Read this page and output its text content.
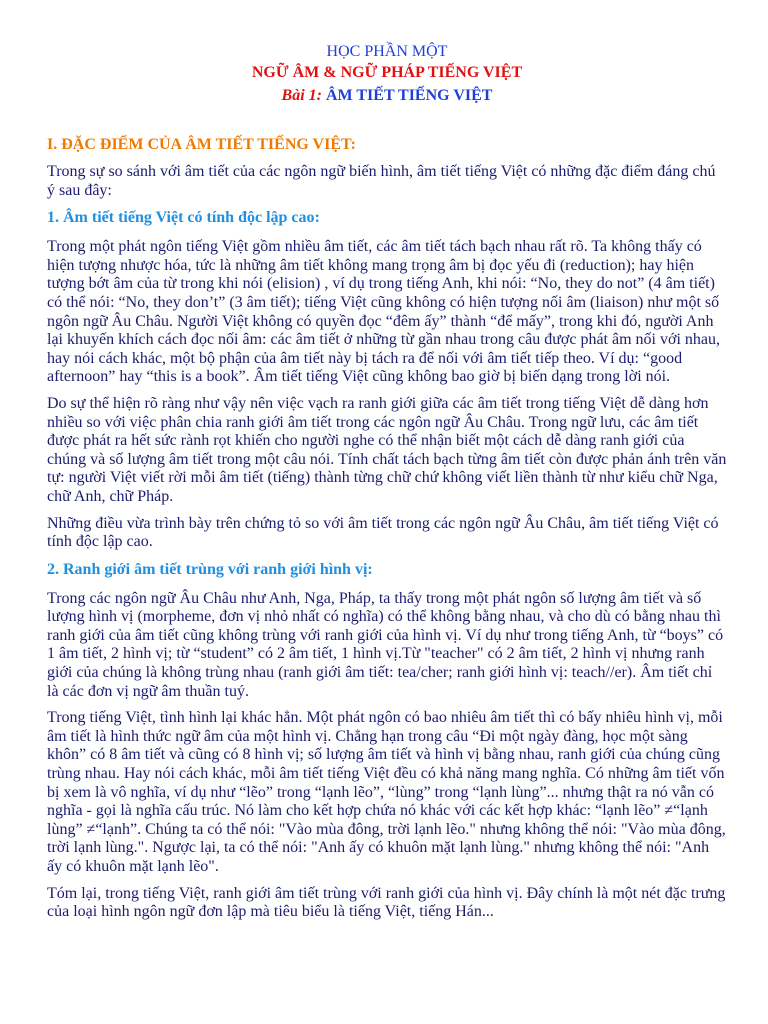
HỌC PHẦN MỘT

NGỮ ÂM & NGỮ PHÁP TIẾNG VIỆT

Bài 1: ÂM TIẾT TIẾNG VIỆT

I. ĐẶC ĐIỂM CỦA ÂM TIẾT TIẾNG VIỆT:

Trong sự so sánh với âm tiết của các ngôn ngữ biến hình, âm tiết tiếng Việt có những đặc điểm đáng chú ý sau đây:

1. Âm tiết tiếng Việt có tính độc lập cao:

Trong một phát ngôn tiếng Việt gồm nhiều âm tiết, các âm tiết tách bạch nhau rất rõ. Ta không thấy có hiện tượng nhược hóa, tức là những âm tiết không mang trọng âm bị đọc yếu đi (reduction); hay hiện tượng bớt âm của từ trong khi nói (elision) , ví dụ trong tiếng Anh, khi nói: “No, they do not” (4 âm tiết) có thể nói: “No, they don’t” (3 âm tiết); tiếng Việt cũng không có hiện tượng nối âm (liaison) như một số ngôn ngữ Âu Châu. Người Việt không có quyền đọc “đêm ấy” thành “để mấy”, trong khi đó, người Anh lại khuyến khích cách đọc nối âm: các âm tiết ở những từ gần nhau trong câu được phát âm nối với nhau, hay nói cách khác, một bộ phận của âm tiết này bị tách ra để nối với âm tiết tiếp theo. Ví dụ: “good afternoon” hay “this is a book”. Âm tiết tiếng Việt cũng không bao giờ bị biến dạng trong lời nói.

Do sự thể hiện rõ ràng như vậy nên việc vạch ra ranh giới giữa các âm tiết trong tiếng Việt dễ dàng hơn nhiều so với việc phân chia ranh giới âm tiết trong các ngôn ngữ Âu Châu. Trong ngữ lưu, các âm tiết được phát ra hết sức rành rọt khiến cho người nghe có thể nhận biết một cách dễ dàng ranh giới của chúng và số lượng âm tiết trong một câu nói. Tính chất tách bạch từng âm tiết còn được phản ánh trên văn tự: người Việt viết rời mỗi âm tiết (tiếng) thành từng chữ chứ không viết liền thành từ như kiểu chữ Nga, chữ Anh, chữ Pháp.

Những điều vừa trình bày trên chứng tỏ so với âm tiết trong các ngôn ngữ Âu Châu, âm tiết tiếng Việt có tính độc lập cao.

2. Ranh giới âm tiết trùng với ranh giới hình vị:

Trong các ngôn ngữ Âu Châu như Anh, Nga, Pháp, ta thấy trong một phát ngôn số lượng âm tiết và số lượng hình vị (morpheme, đơn vị nhỏ nhất có nghĩa) có thể không bằng nhau, và cho dù có bằng nhau thì ranh giới của âm tiết cũng không trùng với ranh giới của hình vị. Ví dụ như trong tiếng Anh, từ “boys” có 1 âm tiết, 2 hình vị; từ “student” có 2 âm tiết, 1 hình vị.Từ "teacher" có 2 âm tiết, 2 hình vị nhưng ranh giới của chúng là không trùng nhau (ranh giới âm tiết: tea/cher; ranh giới hình vị: teach//er). Âm tiết chỉ là các đơn vị ngữ âm thuần tuý.

Trong tiếng Việt, tình hình lại khác hẳn. Một phát ngôn có bao nhiêu âm tiết thì có bấy nhiêu hình vị, mỗi âm tiết là hình thức ngữ âm của một hình vị. Chẳng hạn trong câu “Đi một ngày đàng, học một sàng khôn” có 8 âm tiết và cũng có 8 hình vị; số lượng âm tiết và hình vị bằng nhau, ranh giới của chúng cũng trùng nhau. Hay nói cách khác, mỗi âm tiết tiếng Việt đều có khả năng mang nghĩa. Có những âm tiết vốn bị xem là vô nghĩa, ví dụ như “lẽo” trong “lạnh lẽo”, “lùng” trong “lạnh lùng”... nhưng thật ra nó vẫn có nghĩa - gọi là nghĩa cấu trúc. Nó làm cho kết hợp chứa nó khác với các kết hợp khác: “lạnh lẽo” ≠“lạnh lùng” ≠“lạnh”. Chúng ta có thể nói: "Vào mùa đông, trời lạnh lẽo." nhưng không thể nói: "Vào mùa đông, trời lạnh lùng.". Ngược lại, ta có thể nói: "Anh ấy có khuôn mặt lạnh lùng." nhưng không thể nói: "Anh ấy có khuôn mặt lạnh lẽo".

Tóm lại, trong tiếng Việt, ranh giới âm tiết trùng với ranh giới của hình vị. Đây chính là một nét đặc trưng của loại hình ngôn ngữ đơn lập mà tiêu biểu là tiếng Việt, tiếng Hán...
